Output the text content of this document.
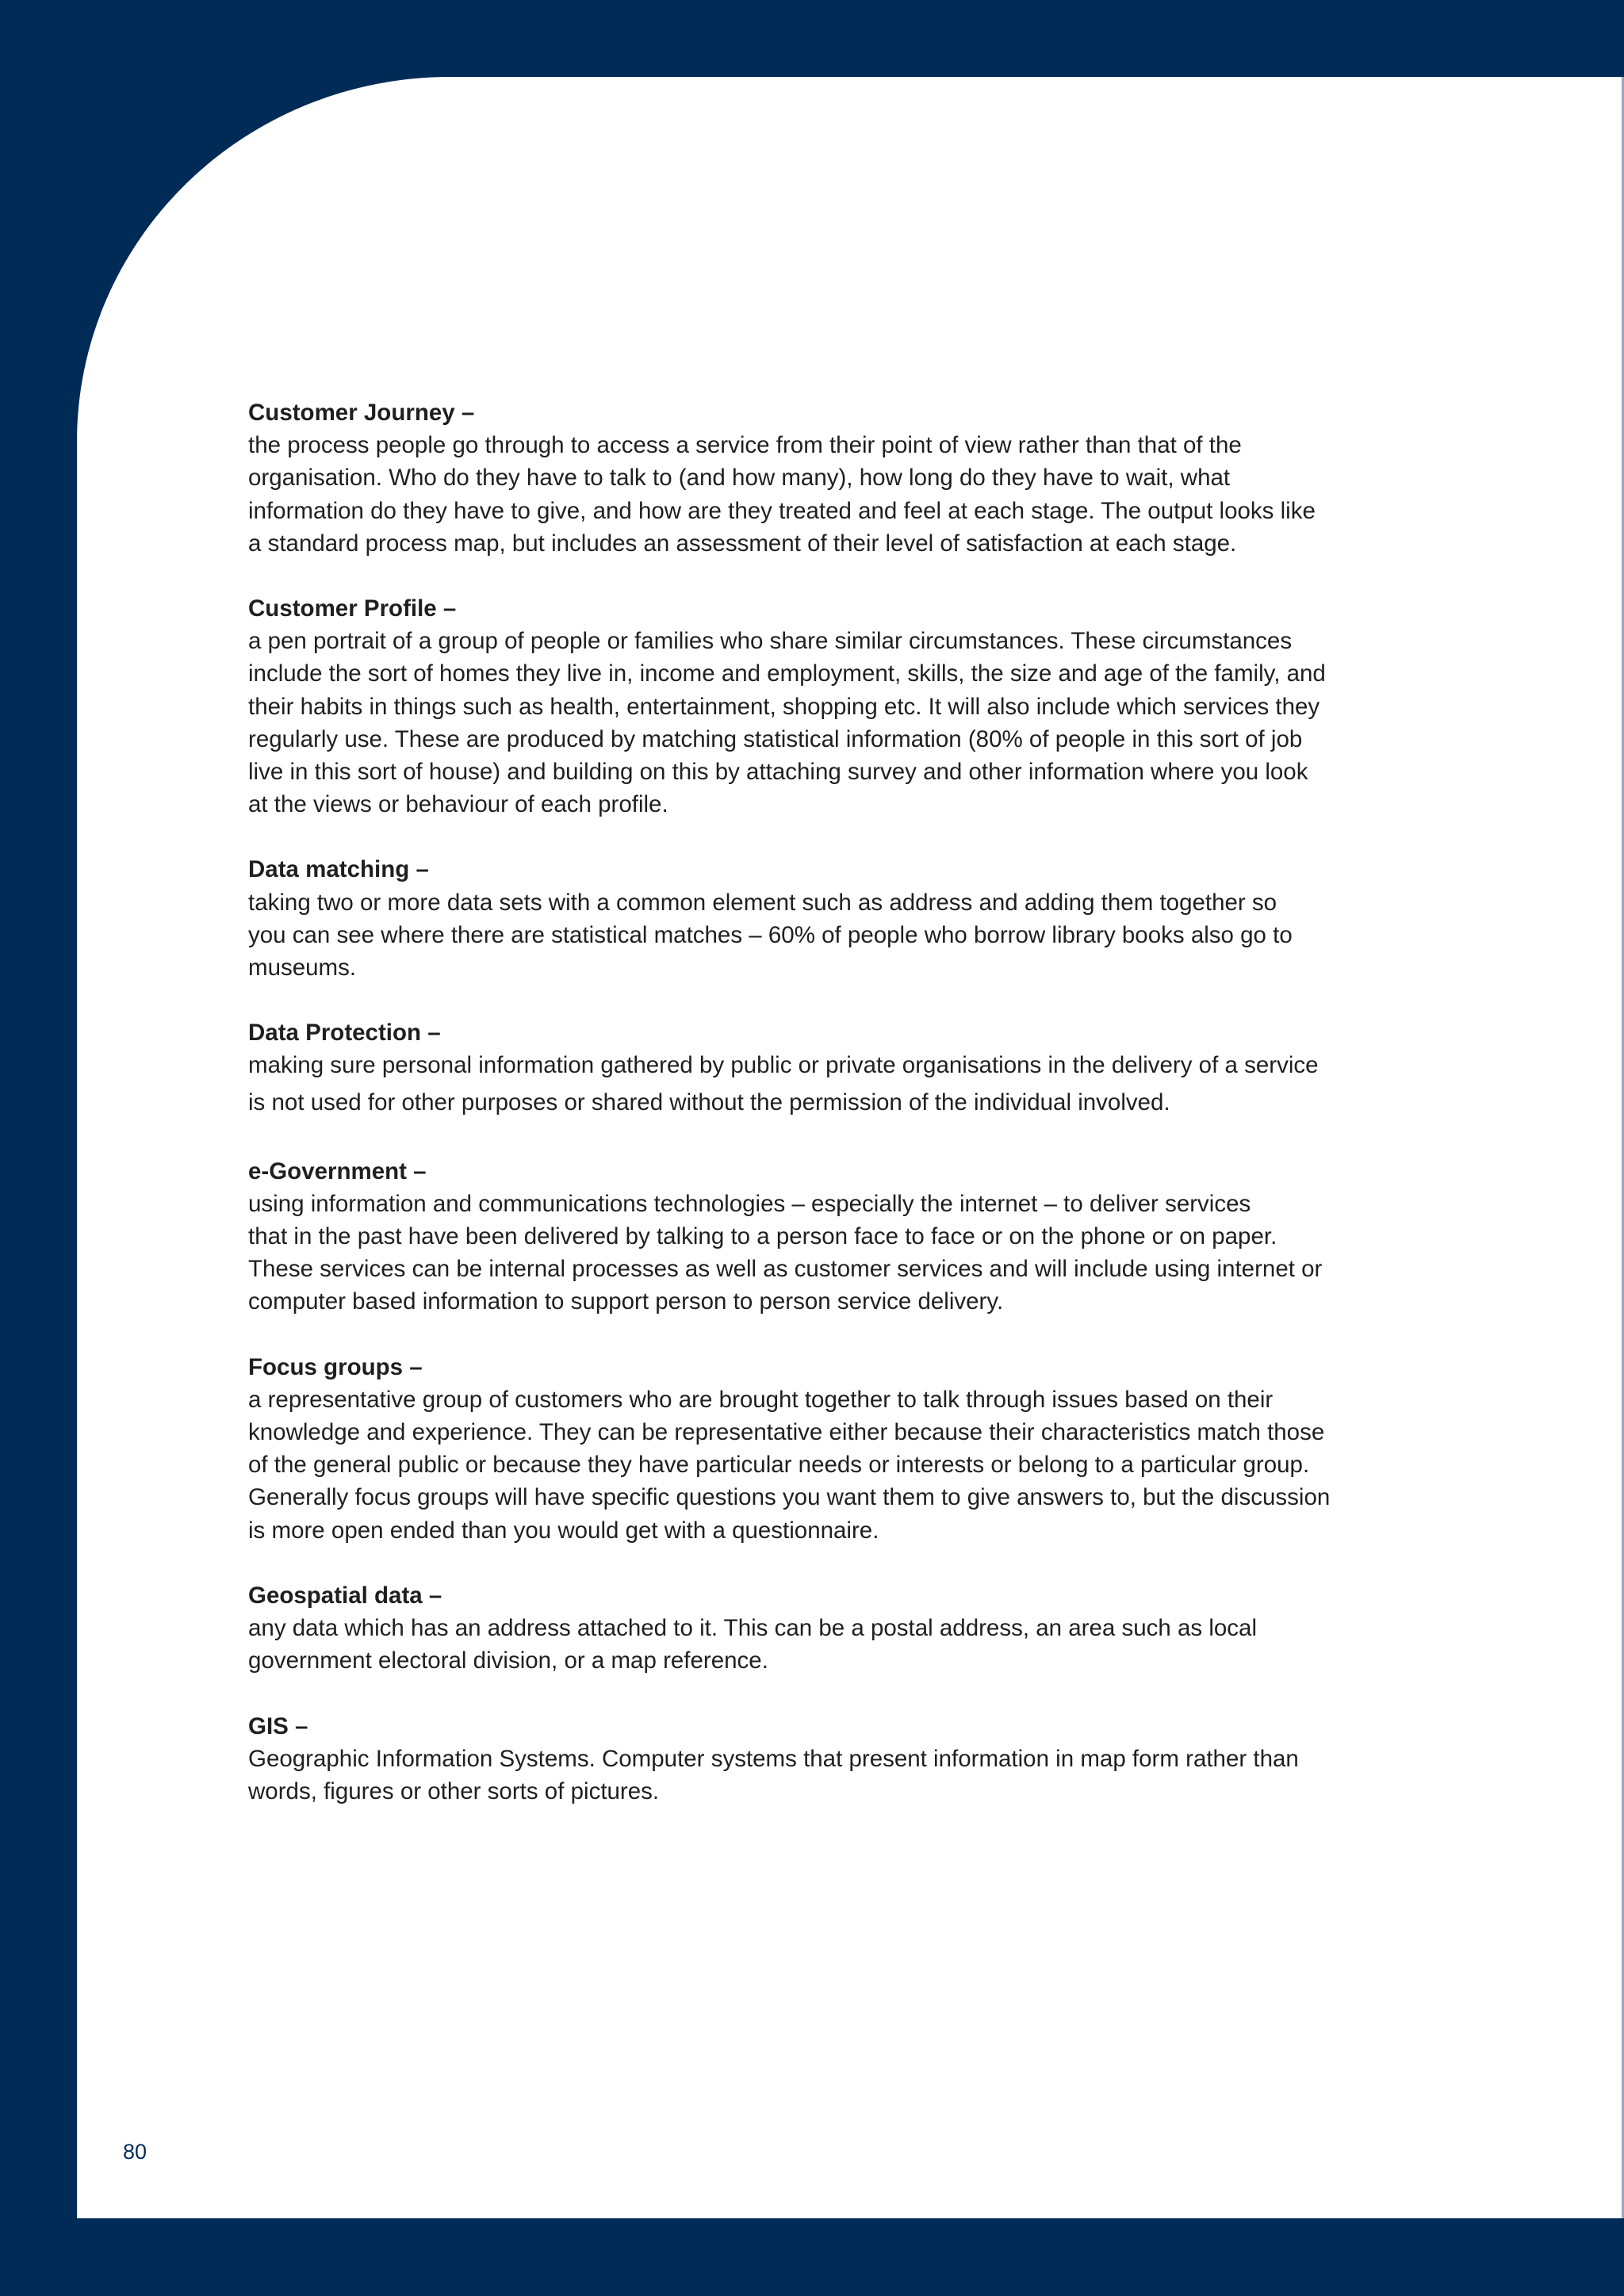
Customer Journey –

the process people go through to access a service from their point of view rather than that of the
organisation. Who do they have to talk to (and how many), how long do they have to wait, what
information do they have to give, and how are they treated and feel at each stage. The output looks like
a standard process map, but includes an assessment of their level of satisfaction at each stage.

Customer Profile –

a pen portrait of a group of people or families who share similar circumstances. These circumstances
include the sort of homes they live in, income and employment, skills, the size and age of the family, and
their habits in things such as health, entertainment, shopping etc. It will also include which services they
regularly use. These are produced by matching statistical information (80% of people in this sort of job
live in this sort of house) and building on this by attaching survey and other information where you look
at the views or behaviour of each profile.

Data matching –

taking two or more data sets with a common element such as address and adding them together so
you can see where there are statistical matches – 60% of people who borrow library books also go to
museums.

Data Protection –

making sure personal information gathered by public or private organisations in the delivery of a service
is not used for other purposes or shared without the permission of the individual involved.

e-Government –

using information and communications technologies – especially the internet – to deliver services
that in the past have been delivered by talking to a person face to face or on the phone or on paper.
These services can be internal processes as well as customer services and will include using internet or
computer based information to support person to person service delivery.

Focus groups –

a representative group of customers who are brought together to talk through issues based on their
knowledge and experience. They can be representative either because their characteristics match those
of the general public or because they have particular needs or interests or belong to a particular group.
Generally focus groups will have specific questions you want them to give answers to, but the discussion
is more open ended than you would get with a questionnaire.

Geospatial data –

any data which has an address attached to it. This can be a postal address, an area such as local
government electoral division, or a map reference.

GIS –

Geographic Information Systems. Computer systems that present information in map form rather than
words, figures or other sorts of pictures.

80
